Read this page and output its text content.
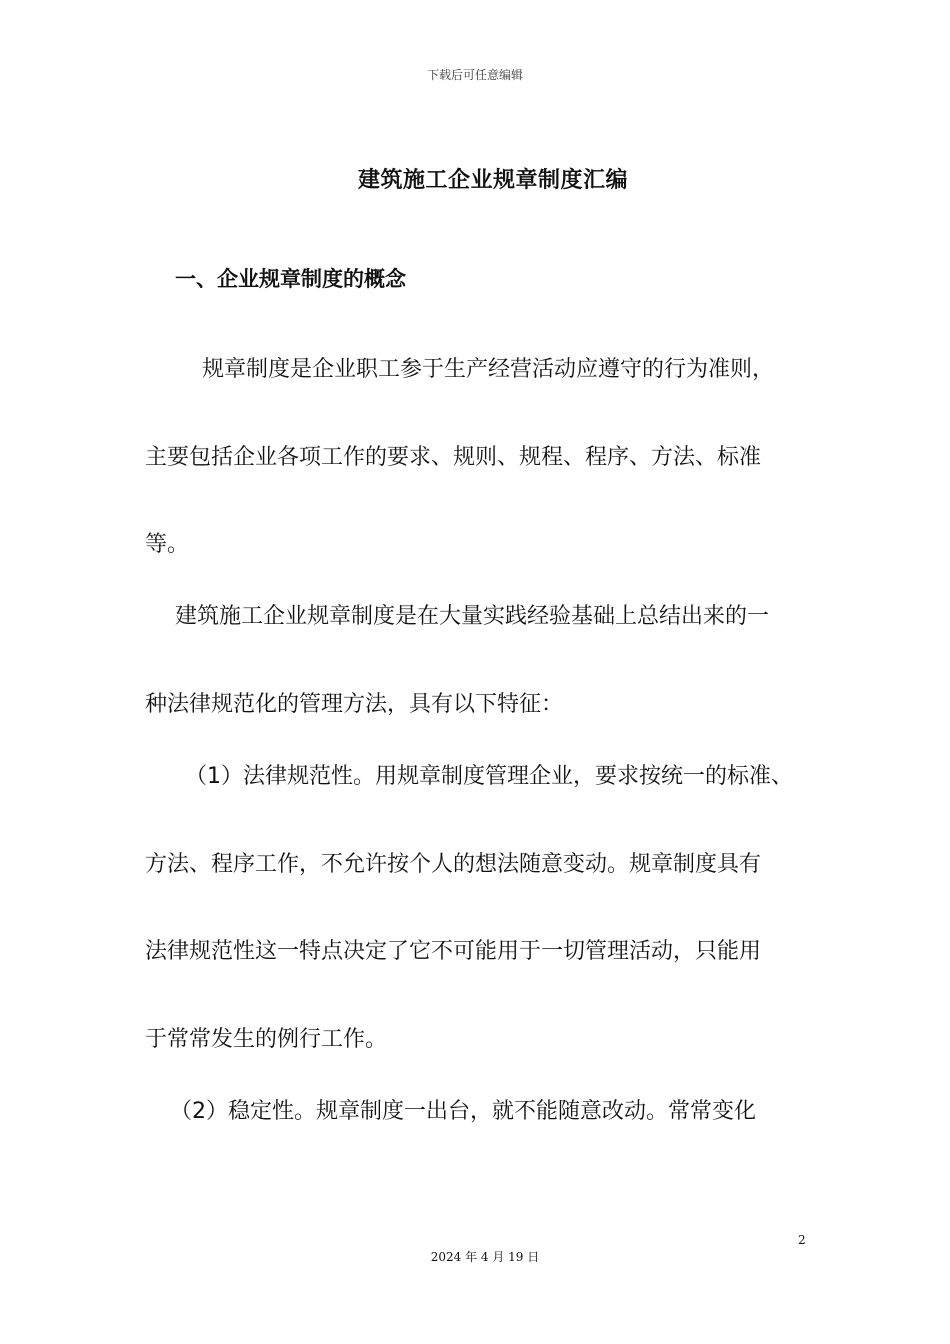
下载后可任意编辑
建筑施工企业规章制度汇编
一、企业规章制度的概念
规章制度是企业职工参于生产经营活动应遵守的行为准则，
主要包括企业各项工作的要求、规则、规程、程序、方法、标准
等。
建筑施工企业规章制度是在大量实践经验基础上总结出来的一
种法律规范化的管理方法，具有以下特征：
（1）法律规范性。用规章制度管理企业，要求按统一的标准、
方法、程序工作，不允许按个人的想法随意变动。规章制度具有
法律规范性这一特点决定了它不可能用于一切管理活动，只能用
于常常发生的例行工作。
（2）稳定性。规章制度一出台，就不能随意改动。常常变化
2
2024 年 4 月 19 日
